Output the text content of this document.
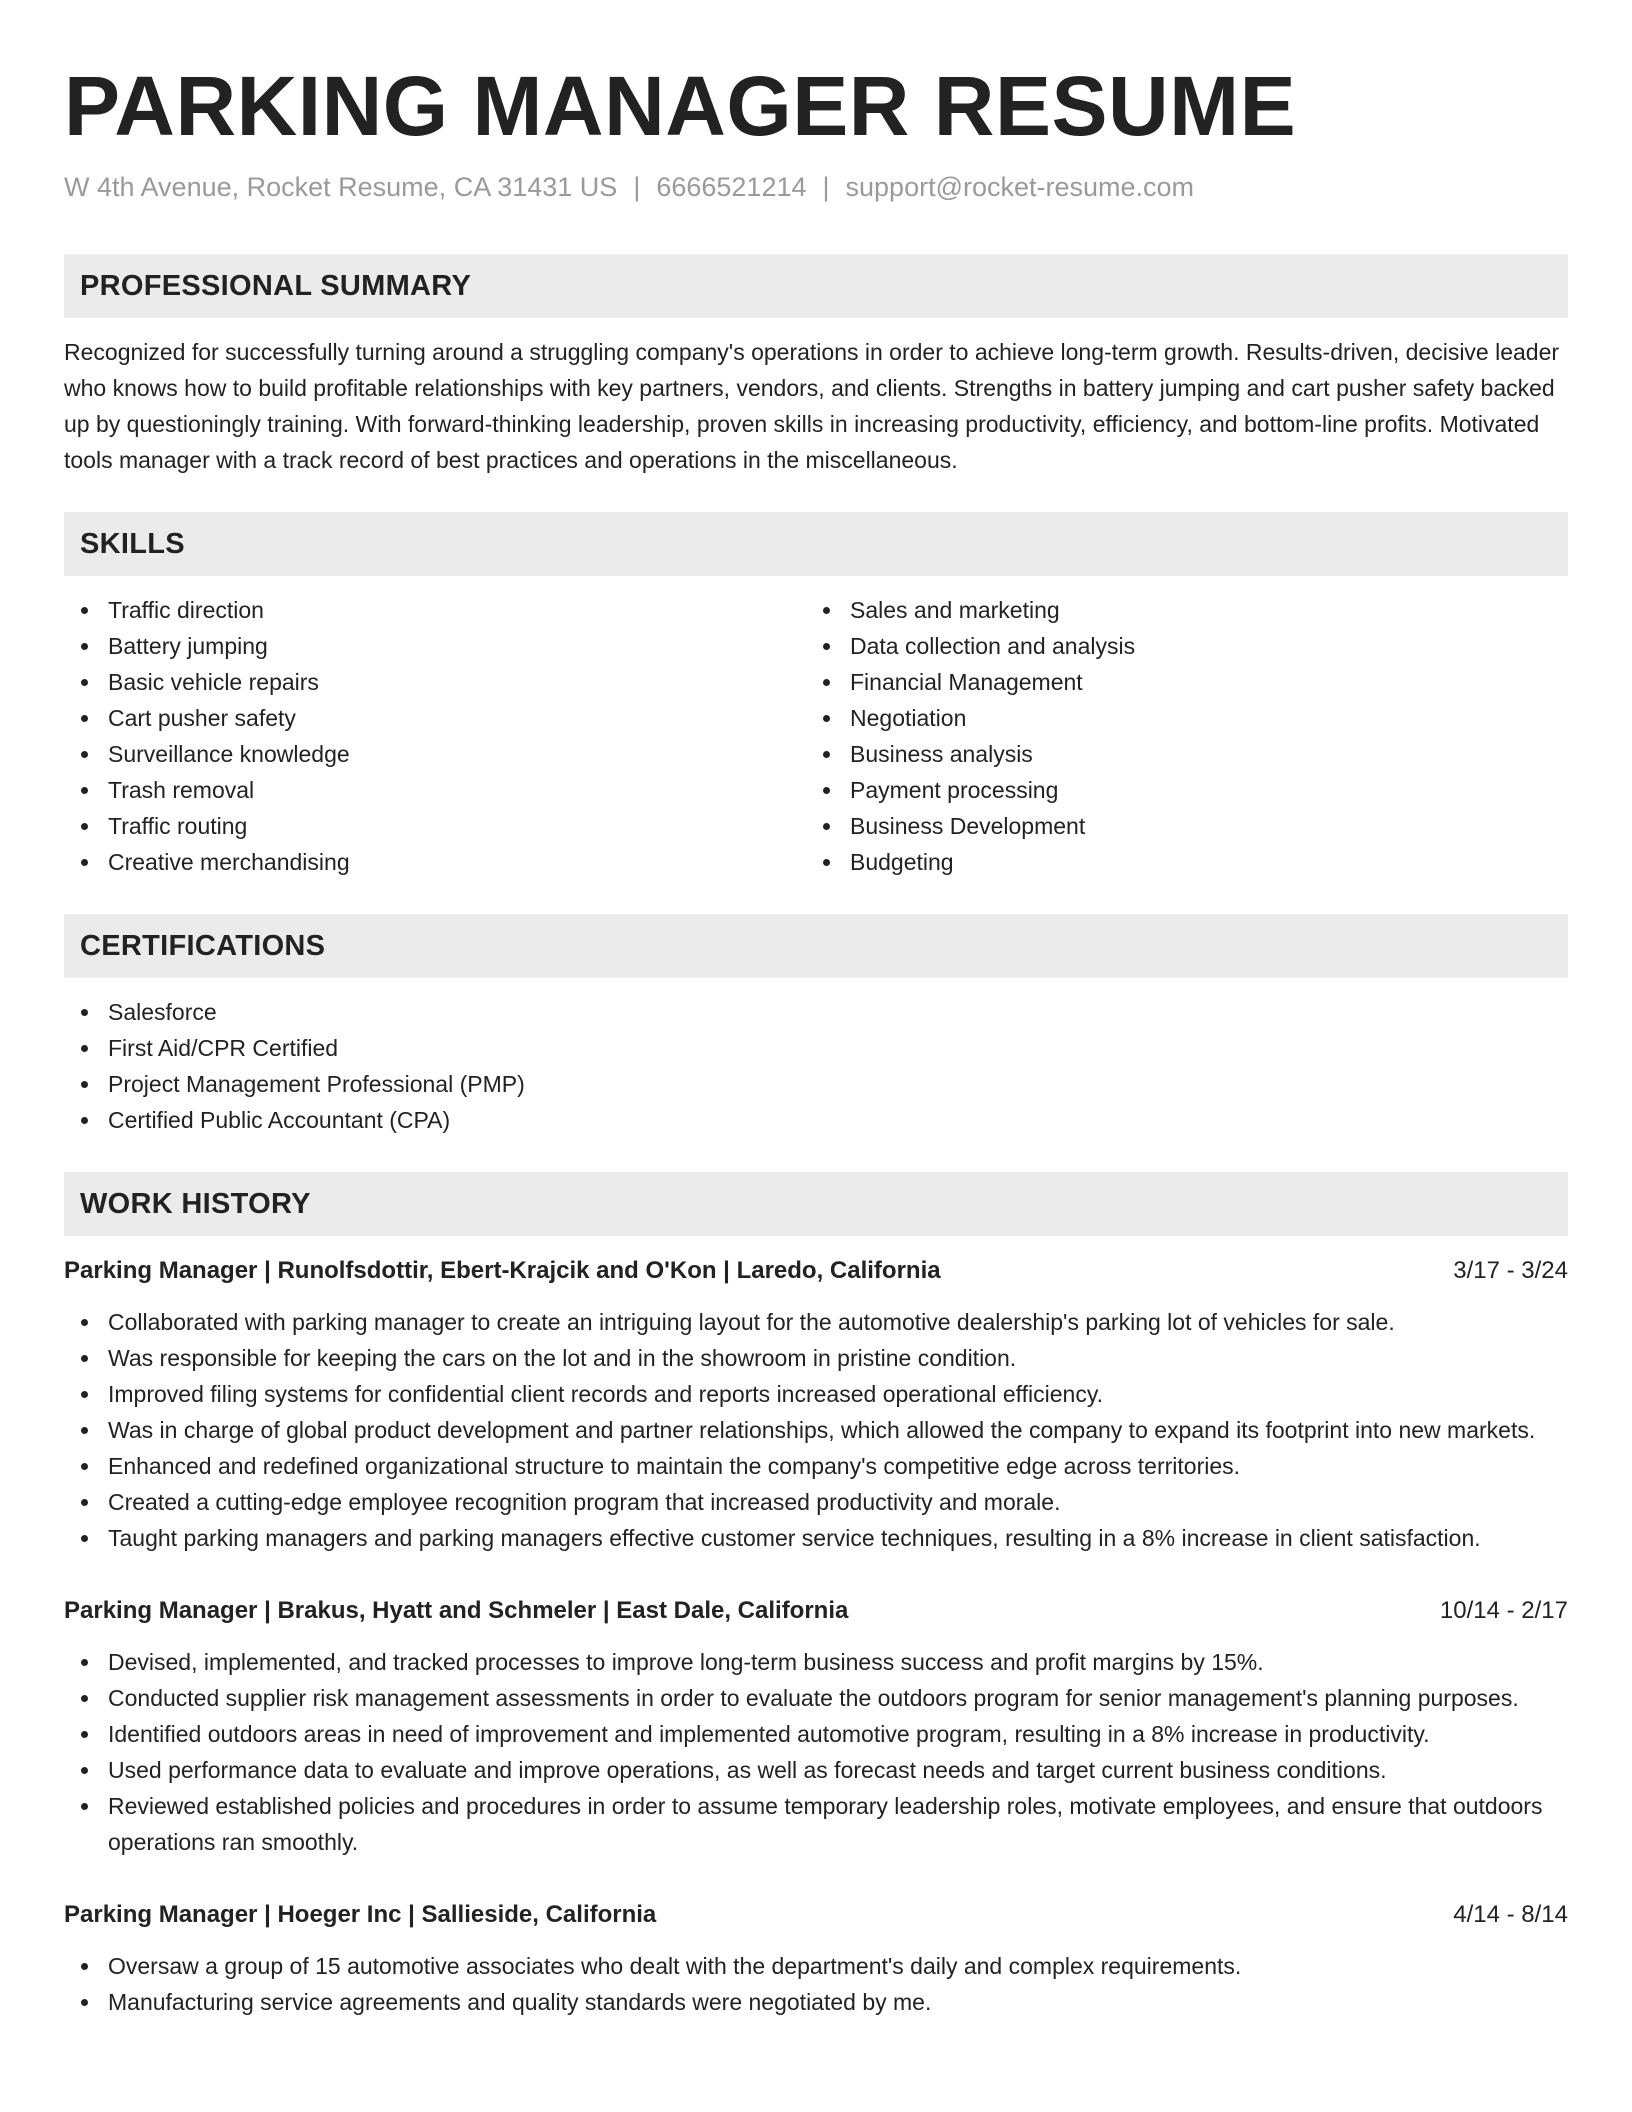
PARKING MANAGER RESUME
W 4th Avenue, Rocket Resume, CA 31431 US | 6666521214 | support@rocket-resume.com
PROFESSIONAL SUMMARY

Recognized for successfully turning around a struggling company's operations in order to achieve long-term growth. Results-driven, decisive leader who knows how to build profitable relationships with key partners, vendors, and clients. Strengths in battery jumping and cart pusher safety backed up by questioningly training. With forward-thinking leadership, proven skills in increasing productivity, efficiency, and bottom-line profits. Motivated tools manager with a track record of best practices and operations in the miscellaneous.

SKILLS
Traffic direction
Battery jumping
Basic vehicle repairs
Cart pusher safety
Surveillance knowledge
Trash removal
Traffic routing
Creative merchandising
Sales and marketing
Data collection and analysis
Financial Management
Negotiation
Business analysis
Payment processing
Business Development
Budgeting
CERTIFICATIONS
Salesforce
First Aid/CPR Certified
Project Management Professional (PMP)
Certified Public Accountant (CPA)
WORK HISTORY
Parking Manager | Runolfsdottir, Ebert-Krajcik and O'Kon | Laredo, California	3/17 - 3/24
Collaborated with parking manager to create an intriguing layout for the automotive dealership's parking lot of vehicles for sale.
Was responsible for keeping the cars on the lot and in the showroom in pristine condition.
Improved filing systems for confidential client records and reports increased operational efficiency.
Was in charge of global product development and partner relationships, which allowed the company to expand its footprint into new markets.
Enhanced and redefined organizational structure to maintain the company's competitive edge across territories.
Created a cutting-edge employee recognition program that increased productivity and morale.
Taught parking managers and parking managers effective customer service techniques, resulting in a 8% increase in client satisfaction.
Parking Manager | Brakus, Hyatt and Schmeler | East Dale, California	10/14 - 2/17
Devised, implemented, and tracked processes to improve long-term business success and profit margins by 15%.
Conducted supplier risk management assessments in order to evaluate the outdoors program for senior management's planning purposes.
Identified outdoors areas in need of improvement and implemented automotive program, resulting in a 8% increase in productivity.
Used performance data to evaluate and improve operations, as well as forecast needs and target current business conditions.
Reviewed established policies and procedures in order to assume temporary leadership roles, motivate employees, and ensure that outdoors operations ran smoothly.
Parking Manager | Hoeger Inc | Sallieside, California	4/14 - 8/14
Oversaw a group of 15 automotive associates who dealt with the department's daily and complex requirements.
Manufacturing service agreements and quality standards were negotiated by me.
